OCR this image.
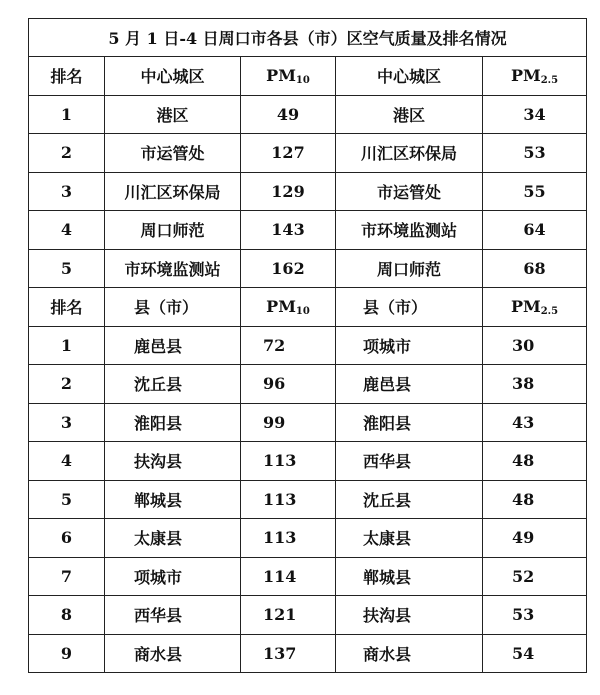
5 月 1 日-4 日周口市各县（市）区空气质量及排名情况				
排名	中心城区	$PM_{10}$	中心城区	$PM_{2.5}$
1	港区	49	港区	34
2	市运管处	127	川汇区环保局	53
3	川汇区环保局	129	市运管处	55
4	周口师范	143	市环境监测站	64
5	市环境监测站	162	周口师范	68
排名	县（市）	$PM_{10}$	县（市）	$PM_{2.5}$
1	鹿邑县	72	项城市	30
2	沈丘县	96	鹿邑县	38
3	淮阳县	99	淮阳县	43
4	扶沟县	113	西华县	48
5	郸城县	113	沈丘县	48
6	太康县	113	太康县	49
7	项城市	114	郸城县	52
8	西华县	121	扶沟县	53
9	商水县	137	商水县	54
